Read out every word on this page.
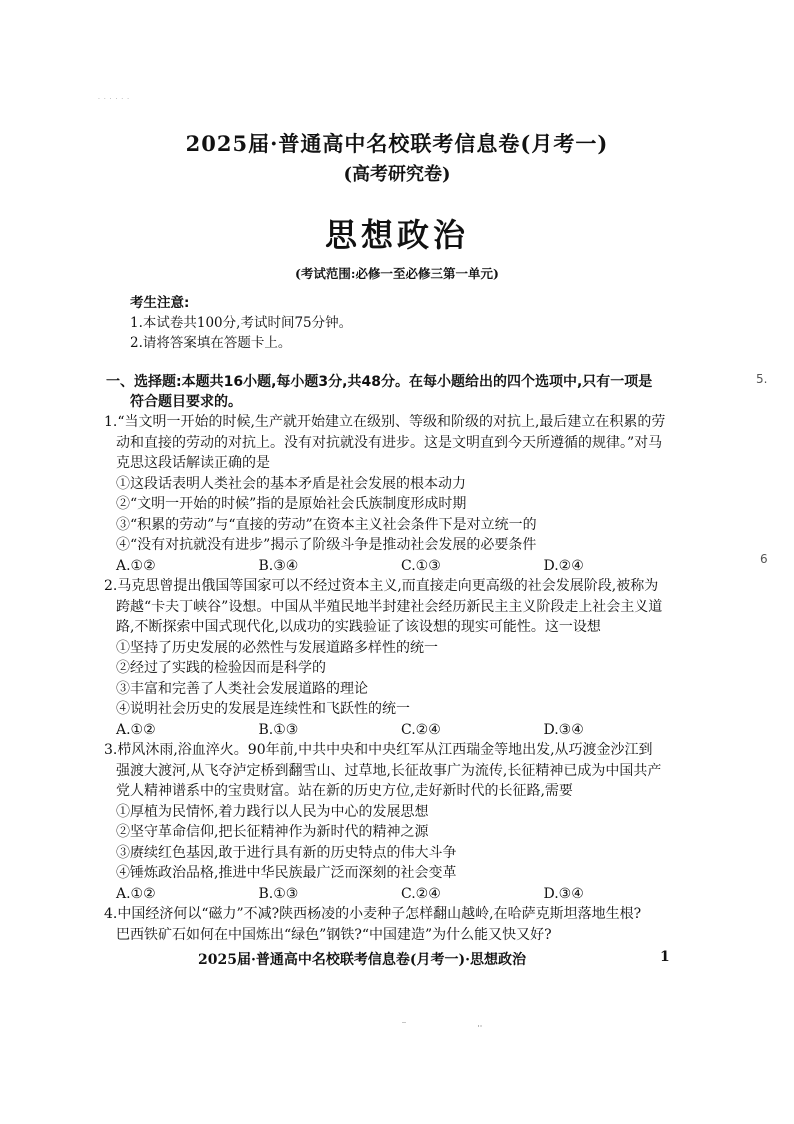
· · · · · ·
2025届·普通高中名校联考信息卷(月考一)
(高考研究卷)
思想政治
(考试范围:必修一至必修三第一单元)
考生注意:
1.本试卷共100分,考试时间75分钟。
2.请将答案填在答题卡上。
一、选择题:本题共16小题,每小题3分,共48分。在每小题给出的四个选项中,只有一项是
符合题目要求的。
5.
6
1.“当文明一开始的时候,生产就开始建立在级别、等级和阶级的对抗上,最后建立在积累的劳
动和直接的劳动的对抗上。没有对抗就没有进步。这是文明直到今天所遵循的规律。”对马
克思这段话解读正确的是
①这段话表明人类社会的基本矛盾是社会发展的根本动力
②“文明一开始的时候”指的是原始社会氏族制度形成时期
③“积累的劳动”与“直接的劳动”在资本主义社会条件下是对立统一的
④“没有对抗就没有进步”揭示了阶级斗争是推动社会发展的必要条件
A.①②	B.③④	C.①③	D.②④
2.马克思曾提出俄国等国家可以不经过资本主义,而直接走向更高级的社会发展阶段,被称为
跨越“卡夫丁峡谷”设想。中国从半殖民地半封建社会经历新民主主义阶段走上社会主义道
路,不断探索中国式现代化,以成功的实践验证了该设想的现实可能性。这一设想
①坚持了历史发展的必然性与发展道路多样性的统一
②经过了实践的检验因而是科学的
③丰富和完善了人类社会发展道路的理论
④说明社会历史的发展是连续性和飞跃性的统一
A.①②	B.①③	C.②④	D.③④
3.栉风沐雨,浴血淬火。90年前,中共中央和中央红军从江西瑞金等地出发,从巧渡金沙江到
强渡大渡河,从飞夺泸定桥到翻雪山、过草地,长征故事广为流传,长征精神已成为中国共产
党人精神谱系中的宝贵财富。站在新的历史方位,走好新时代的长征路,需要
①厚植为民情怀,着力践行以人民为中心的发展思想
②坚守革命信仰,把长征精神作为新时代的精神之源
③赓续红色基因,敢于进行具有新的历史特点的伟大斗争
④锤炼政治品格,推进中华民族最广泛而深刻的社会变革
A.①②	B.①③	C.②④	D.③④
4.中国经济何以“磁力”不减?陕西杨凌的小麦种子怎样翻山越岭,在哈萨克斯坦落地生根?
巴西铁矿石如何在中国炼出“绿色”钢铁?“中国建造”为什么能又快又好?
2025届·普通高中名校联考信息卷(月考一)·思想政治	1
‾                            ··
